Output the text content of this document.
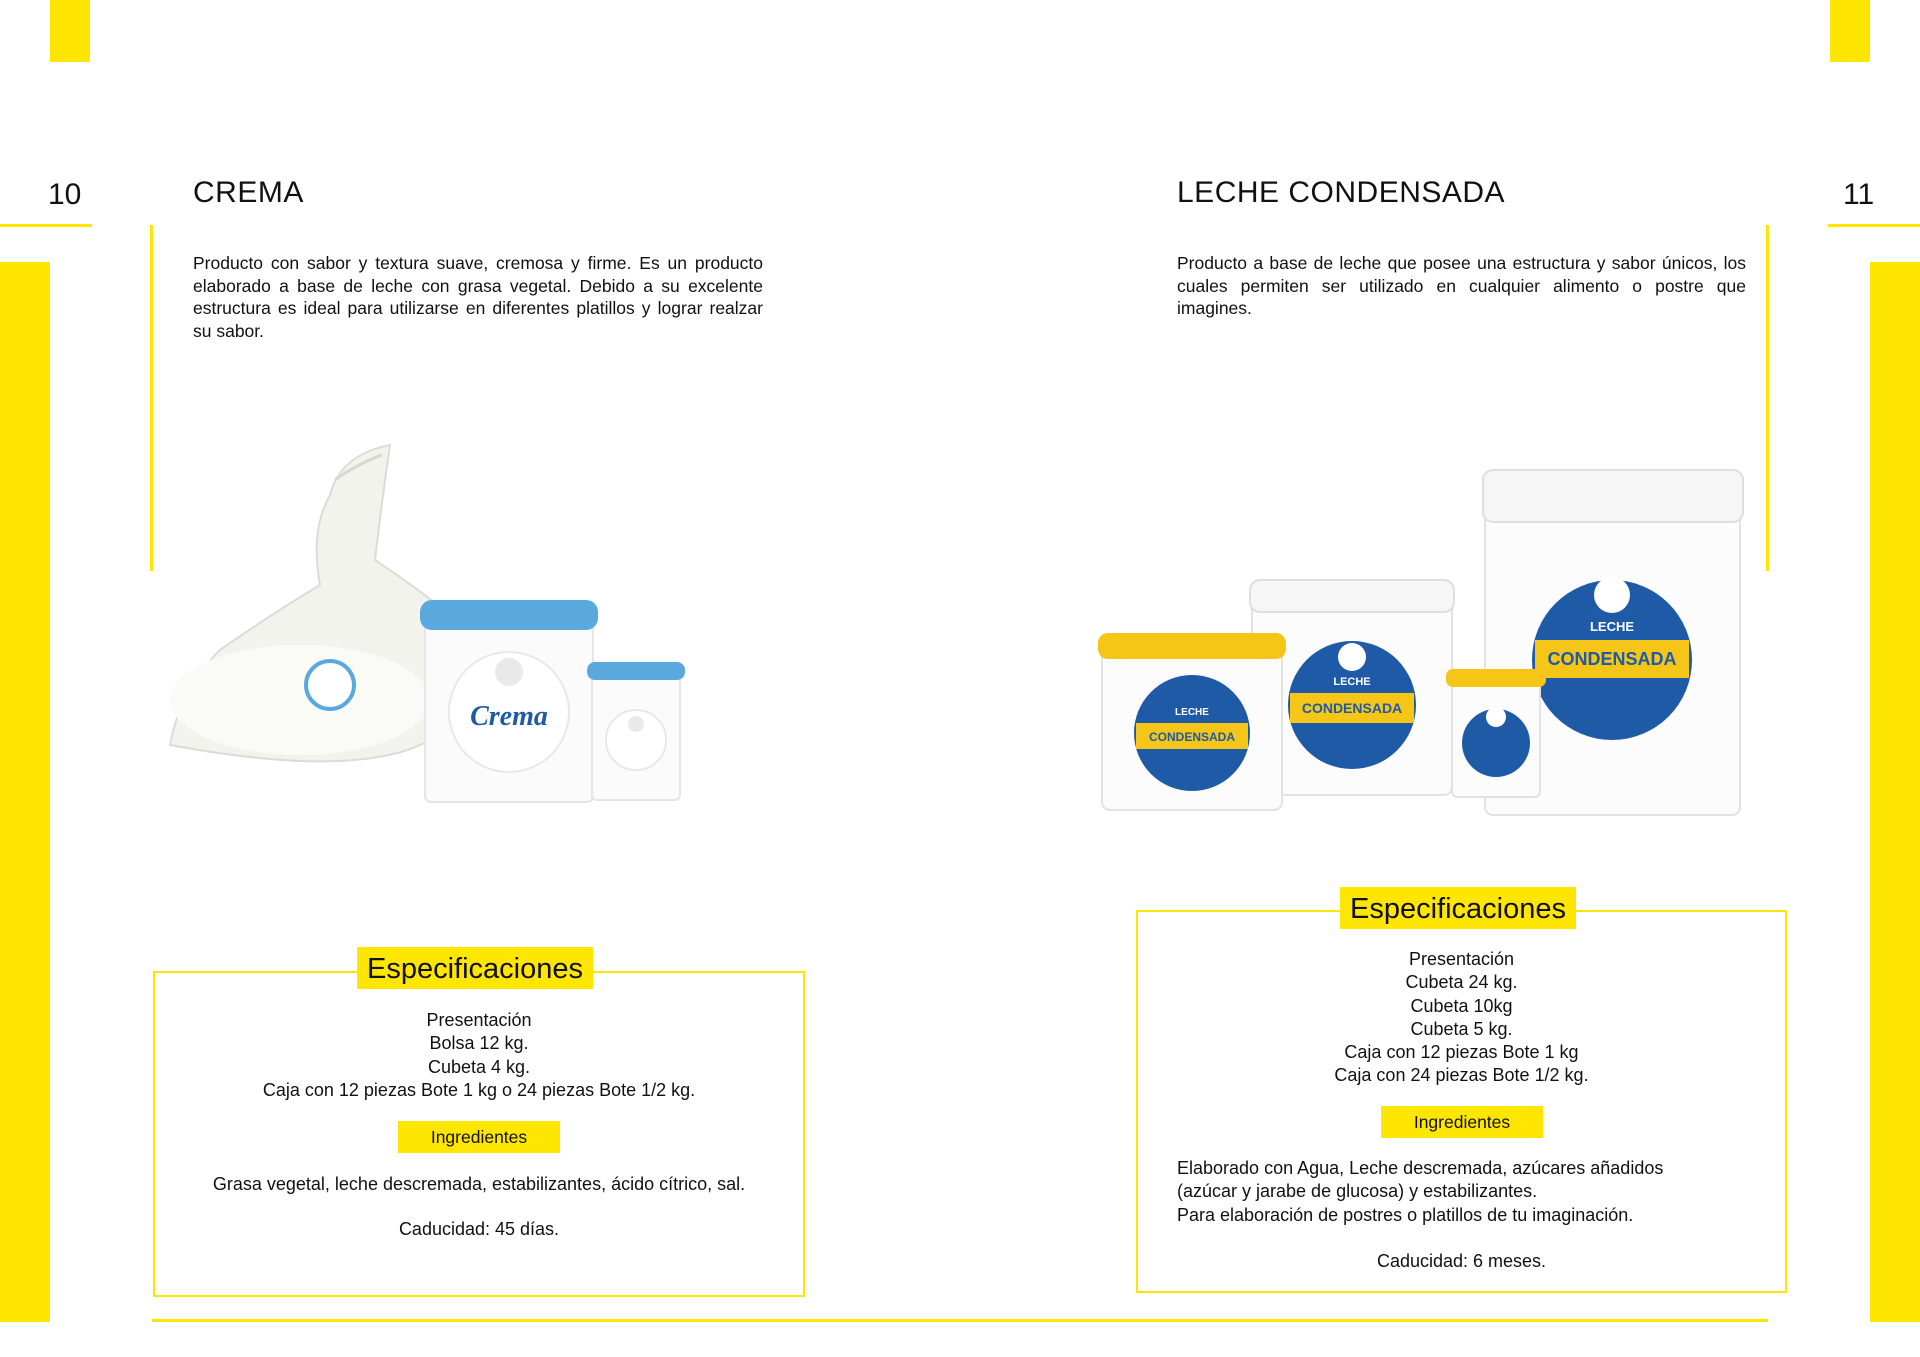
10	CREMA
Producto con sabor y textura suave, cremosa y firme. Es un producto elaborado a base de leche con grasa vegetal. Debido a su excelente estructura es ideal para utilizarse en diferentes platillos y lograr realzar su sabor.
Crema
Especificaciones
Presentación
Bolsa 12 kg.
Cubeta 4 kg.
Caja con 12 piezas Bote 1 kg o 24 piezas Bote 1/2 kg.
Ingredientes
Grasa vegetal, leche descremada, estabilizantes, ácido cítrico, sal.
Caducidad: 45 días.
11
LECHE CONDENSADA
Producto a base de leche que posee una estructura y sabor únicos, los cuales permiten ser utilizado en cualquier alimento o postre que imagines.
LECHE
CONDENSADA
LECHE
CONDENSADA
LECHE
CONDENSADA
Especificaciones
Presentación
Cubeta 24 kg.
Cubeta 10kg
Cubeta 5 kg.
Caja con 12 piezas Bote 1 kg
Caja con 24 piezas Bote 1/2 kg.
Ingredientes
Elaborado con Agua, Leche descremada, azúcares añadidos
(azúcar y jarabe de glucosa) y estabilizantes.
Para elaboración de postres o platillos de tu imaginación.
Caducidad: 6 meses.
